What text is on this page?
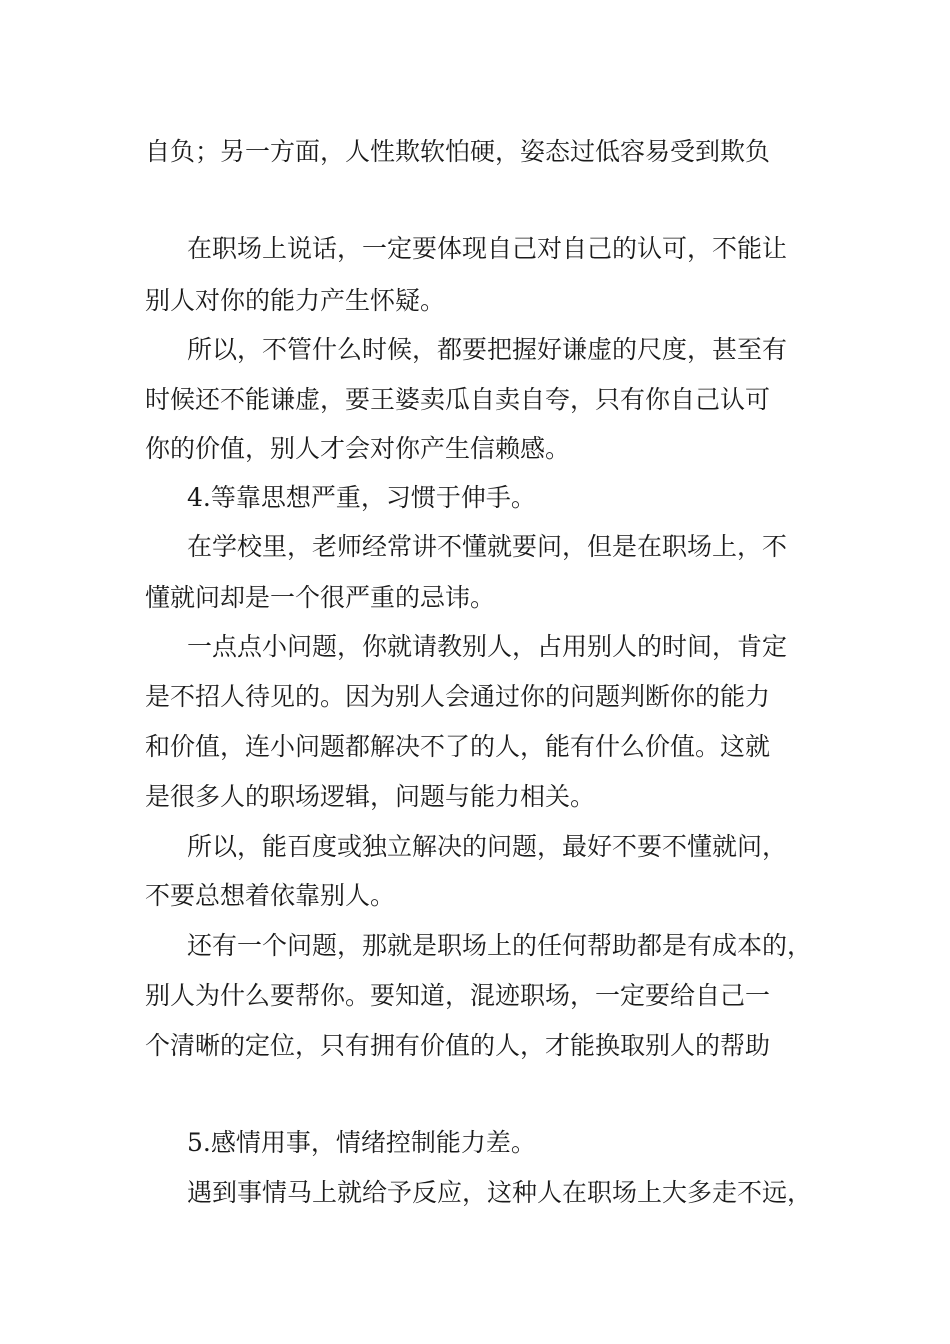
自负；另一方面，人性欺软怕硬，姿态过低容易受到欺负
在职场上说话，一定要体现自己对自己的认可，不能让
别人对你的能力产生怀疑。
所以，不管什么时候，都要把握好谦虚的尺度，甚至有
时候还不能谦虚，要王婆卖瓜自卖自夸，只有你自己认可
你的价值，别人才会对你产生信赖感。
4.等靠思想严重，习惯于伸手。
在学校里，老师经常讲不懂就要问，但是在职场上，不
懂就问却是一个很严重的忌讳。
一点点小问题，你就请教别人，占用别人的时间，肯定
是不招人待见的。因为别人会通过你的问题判断你的能力
和价值，连小问题都解决不了的人，能有什么价值。这就
是很多人的职场逻辑，问题与能力相关。
所以，能百度或独立解决的问题，最好不要不懂就问，
不要总想着依靠别人。
还有一个问题，那就是职场上的任何帮助都是有成本的，
别人为什么要帮你。要知道，混迹职场，一定要给自己一
个清晰的定位，只有拥有价值的人，才能换取别人的帮助
5.感情用事，情绪控制能力差。
遇到事情马上就给予反应，这种人在职场上大多走不远，
